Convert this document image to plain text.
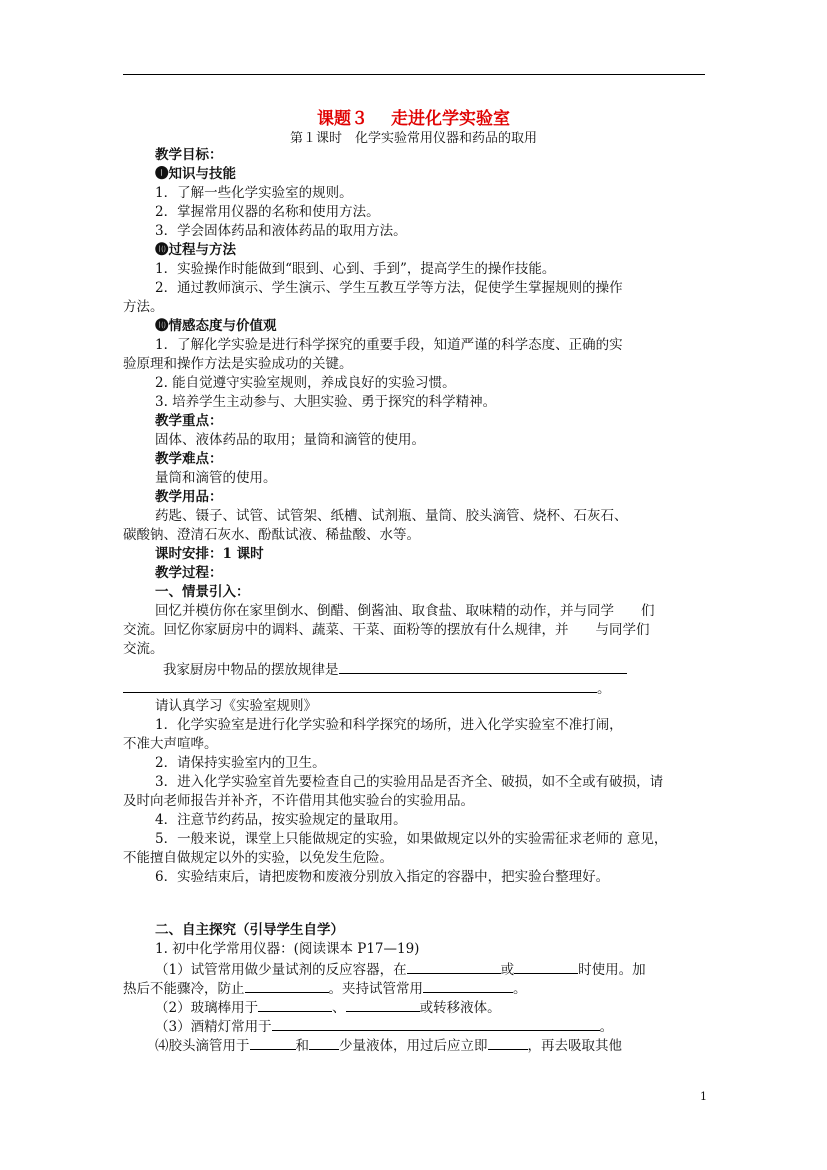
课题３　 走进化学实验室
第１课时　化学实验常用仪器和药品的取用
教学目标：
❶知识与技能
1．了解一些化学实验室的规则。
2．掌握常用仪器的名称和使用方法。
3．学会固体药品和液体药品的取用方法。
❿过程与方法
1．实验操作时能做到“眼到、心到、手到”，提高学生的操作技能。
2．通过教师演示、学生演示、学生互教互学等方法，促使学生掌握规则的操作
方法。
❿情感态度与价值观
1．了解化学实验是进行科学探究的重要手段，知道严谨的科学态度、正确的实
验原理和操作方法是实验成功的关键。
2. 能自觉遵守实验室规则，养成良好的实验习惯。
3. 培养学生主动参与、大胆实验、勇于探究的科学精神。
教学重点：
固体、液体药品的取用；量筒和滴管的使用。
教学难点：
量筒和滴管的使用。
教学用品：
药匙、镊子、试管、试管架、纸槽、试剂瓶、量筒、胶头滴管、烧杯、石灰石、
碳酸钠、澄清石灰水、酚酞试液、稀盐酸、水等。
课时安排：1 课时
教学过程：
一、情景引入：
回忆并模仿你在家里倒水、倒醋、倒酱油、取食盐、取味精的动作，并与同学　　们
交流。回忆你家厨房中的调料、蔬菜、干菜、面粉等的摆放有什么规律，并　　与同学们
交流。
我家厨房中物品的摆放规律是
。
请认真学习《实验室规则》
1．化学实验室是进行化学实验和科学探究的场所，进入化学实验室不准打闹，
不准大声喧哗。
2．请保持实验室内的卫生。
3．进入化学实验室首先要检查自己的实验用品是否齐全、破损，如不全或有破损，请
及时向老师报告并补齐，不许借用其他实验台的实验用品。
4．注意节约药品，按实验规定的量取用。
5．一般来说，课堂上只能做规定的实验，如果做规定以外的实验需征求老师的 意见，
不能擅自做规定以外的实验，以免发生危险。
6．实验结束后，请把废物和废液分别放入指定的容器中，把实验台整理好。
二、自主探究（引导学生自学）
1. 初中化学常用仪器：(阅读课本 P17—19)
（1）试管常用做少量试剂的反应容器，在	或	时使用。加
热后不能骤冷，防止	。夹持试管常用	。
（2）玻璃棒用于	、	或转移液体。
（3）酒精灯常用于	。
⑷胶头滴管用于	和 少量液体，用过后应立即	，再去吸取其他
1
